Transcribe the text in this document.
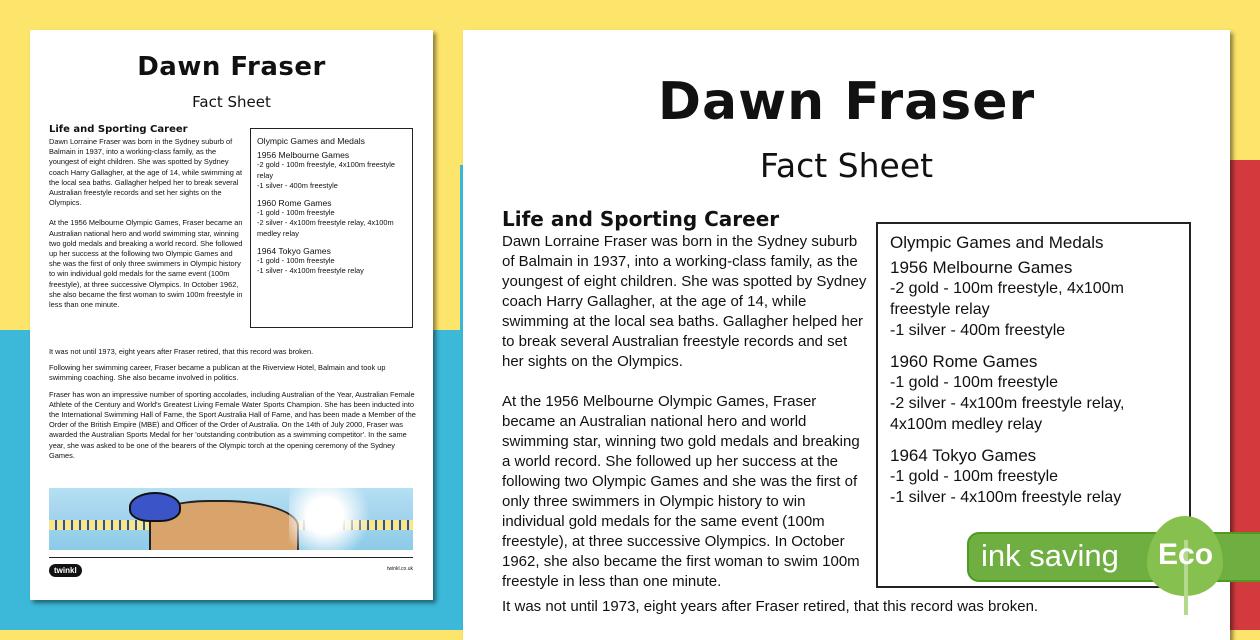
Dawn Fraser
Fact Sheet
Life and Sporting Career

Dawn Lorraine Fraser was born in the Sydney suburb of Balmain in 1937, into a working-class family, as the youngest of eight children. She was spotted by Sydney coach Harry Gallagher, at the age of 14, while swimming at the local sea baths. Gallagher helped her to break several Australian freestyle records and set her sights on the Olympics.

At the 1956 Melbourne Olympic Games, Fraser became an Australian national hero and world swimming star, winning two gold medals and breaking a world record. She followed up her success at the following two Olympic Games and she was the first of only three swimmers in Olympic history to win individual gold medals for the same event (100m freestyle), at three successive Olympics. In October 1962, she also became the first woman to swim 100m freestyle in less than one minute.

It was not until 1973, eight years after Fraser retired, that this record was broken.

Following her swimming career, Fraser became a publican at the Riverview Hotel, Balmain and took up swimming coaching. She also became involved in politics.

Fraser has won an impressive number of sporting accolades, including Australian of the Year, Australian Female Athlete of the Century and World's Greatest Living Female Water Sports Champion. She has been inducted into the International Swimming Hall of Fame, the Sport Australia Hall of Fame, and has been made a Member of the Order of the British Empire (MBE) and Officer of the Order of Australia. On the 14th of July 2000, Fraser was awarded the Australian Sports Medal for her 'outstanding contribution as a swimming competitor'. In the same year, she was asked to be one of the bearers of the Olympic torch at the opening ceremony of the Sydney Games.

Olympic Games and Medals
1956 Melbourne Games
-2 gold - 100m freestyle, 4x100m freestyle relay
-1 silver - 400m freestyle
1960 Rome Games
-1 gold - 100m freestyle
-2 silver - 4x100m freestyle relay, 4x100m medley relay
1964 Tokyo Games
-1 gold - 100m freestyle
-1 silver - 4x100m freestyle relay
twinkl	twinkl.co.uk
Dawn Fraser
Fact Sheet
Life and Sporting Career

Dawn Lorraine Fraser was born in the Sydney suburb of Balmain in 1937, into a working-class family, as the youngest of eight children. She was spotted by Sydney coach Harry Gallagher, at the age of 14, while swimming at the local sea baths. Gallagher helped her to break several Australian freestyle records and set her sights on the Olympics.

At the 1956 Melbourne Olympic Games, Fraser became an Australian national hero and world swimming star, winning two gold medals and breaking a world record. She followed up her success at the following two Olympic Games and she was the first of only three swimmers in Olympic history to win individual gold medals for the same event (100m freestyle), at three successive Olympics. In October 1962, she also became the first woman to swim 100m freestyle in less than one minute.

It was not until 1973, eight years after Fraser retired, that this record was broken.
Olympic Games and Medals
1956 Melbourne Games
-2 gold - 100m freestyle, 4x100m freestyle relay
-1 silver - 400m freestyle
1960 Rome Games
-1 gold - 100m freestyle
-2 silver - 4x100m freestyle relay, 4x100m medley relay
1964 Tokyo Games
-1 gold - 100m freestyle
-1 silver - 4x100m freestyle relay
ink saving	Eco
